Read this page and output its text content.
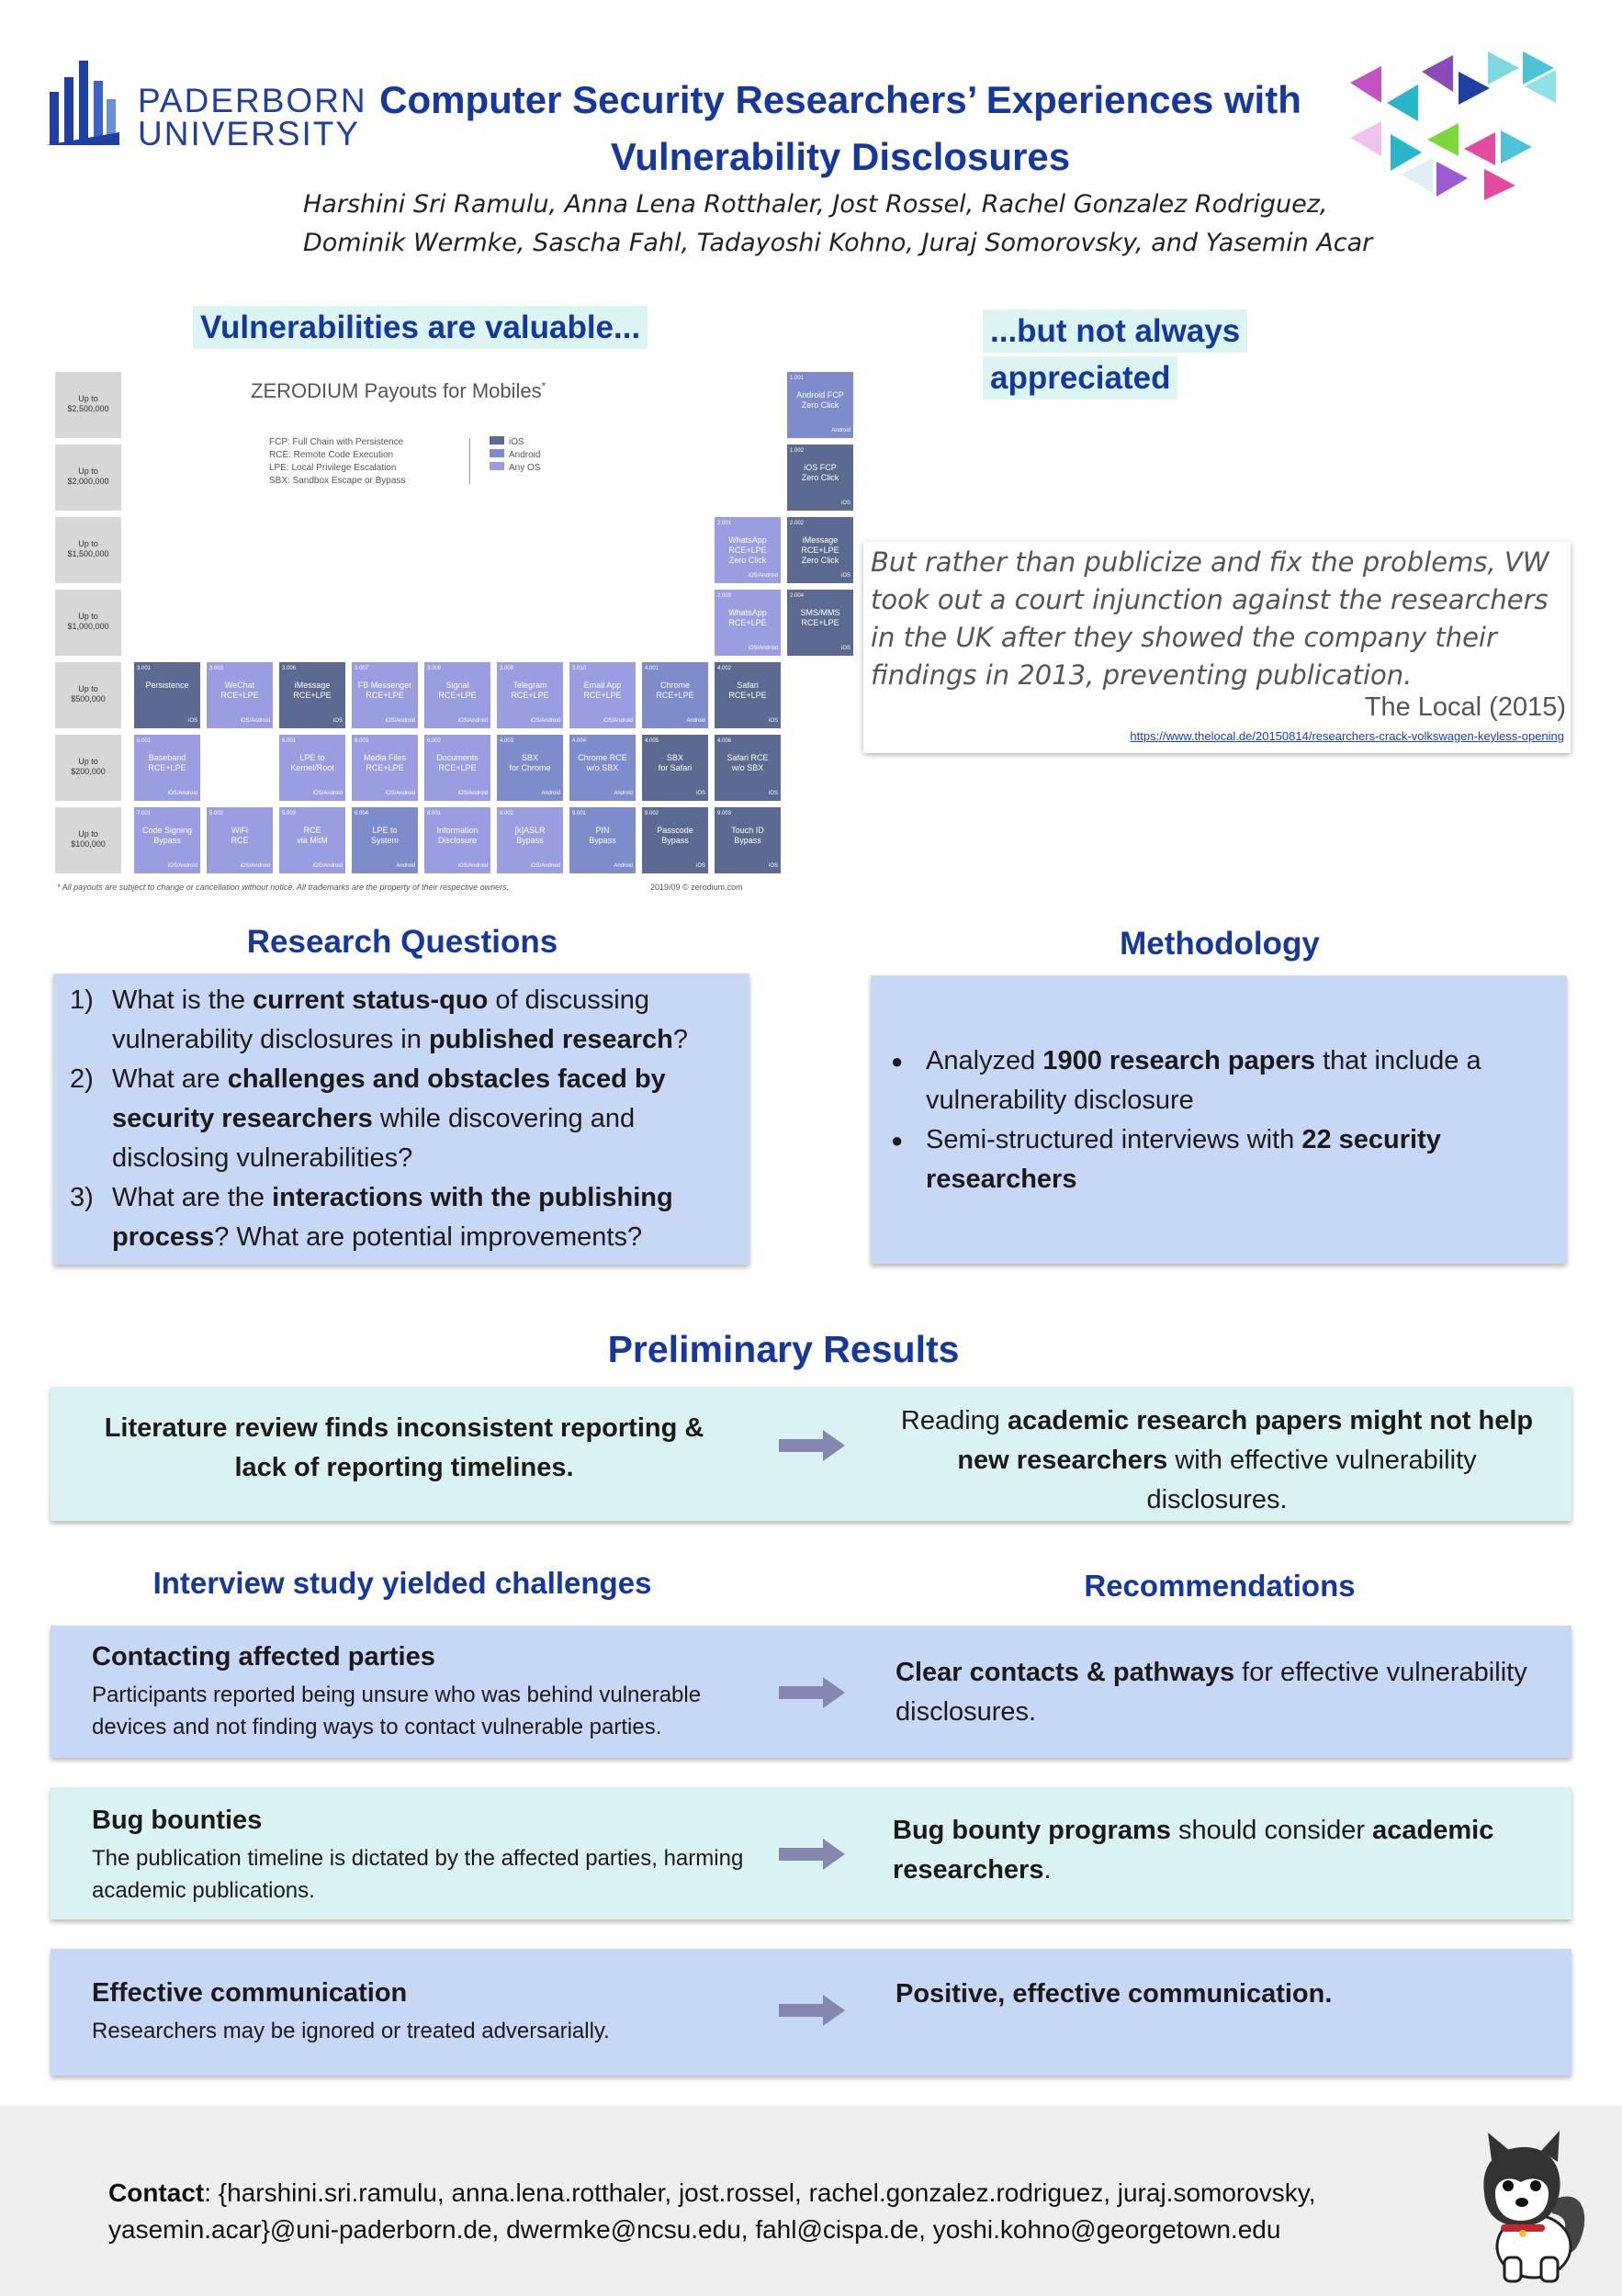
PADERBORN
UNIVERSITY
Computer Security Researchers’ Experiences with
Vulnerability Disclosures
Harshini Sri Ramulu, Anna Lena Rotthaler, Jost Rossel, Rachel Gonzalez Rodriguez,
Dominik Wermke, Sascha Fahl, Tadayoshi Kohno, Juraj Somorovsky, and Yasemin Acar
Vulnerabilities are valuable...
ZERODIUM Payouts for Mobiles*
FCP: Full Chain with Persistence
RCE: Remote Code Execution
LPE: Local Privilege Escalation
SBX: Sandbox Escape or Bypass
iOS
Android
Any OS
Up to
$2,500,000
Up to
$2,000,000
Up to
$1,500,000
Up to
$1,000,000
Up to
$500,000
Up to
$200,000
Up to
$100,000
1.001
Android FCP
Zero Click
Android
1.002
iOS FCP
Zero Click
iOS
2.001
WhatsApp
RCE+LPE
Zero Click
iOS/Android
2.002
iMessage
RCE+LPE
Zero Click
iOS
2.003
WhatsApp
RCE+LPE
iOS/Android
2.004
SMS/MMS
RCE+LPE
iOS
3.001
Persistence
iOS
3.003
WeChat
RCE+LPE
iOS/Android
3.006
iMessage
RCE+LPE
iOS
3.007
FB Messenger
RCE+LPE
iOS/Android
3.008
Signal
RCE+LPE
iOS/Android
3.009
Telegram
RCE+LPE
iOS/Android
3.010
Email App
RCE+LPE
iOS/Android
4.001
Chrome
RCE+LPE
Android
4.002
Safari
RCE+LPE
iOS
5.001
Baseband
RCE+LPE
iOS/Android
6.001
LPE to
Kernel/Root
iOS/Android
6.003
Media Files
RCE+LPE
iOS/Android
6.002
Documents
RCE+LPE
iOS/Android
4.003
SBX
for Chrome
Android
4.004
Chrome RCE
w/o SBX
Android
4.005
SBX
for Safari
iOS
4.006
Safari RCE
w/o SBX
iOS
7.001
Code Signing
Bypass
iOS/Android
5.002
WiFi
RCE
iOS/Android
5.003
RCE
via MitM
iOS/Android
6.004
LPE to
System
Android
8.001
Information
Disclosure
iOS/Android
8.002
[k]ASLR
Bypass
iOS/Android
9.001
PIN
Bypass
Android
9.002
Passcode
Bypass
iOS
9.003
Touch ID
Bypass
iOS
* All payouts are subject to change or cancellation without notice. All trademarks are the property of their respective owners.	2019/09 © zerodium.com
...but not always
appreciated
But rather than publicize and fix the problems, VW took out a court injunction against the researchers in the UK after they showed the company their findings in 2013, preventing publication.
The Local (2015)
https://www.thelocal.de/20150814/researchers-crack-volkswagen-keyless-opening
Research Questions
1) What is the current status-quo of discussing vulnerability disclosures in published research?
2) What are challenges and obstacles faced by security researchers while discovering and disclosing vulnerabilities?
3) What are the interactions with the publishing process? What are potential improvements?
Methodology
● Analyzed 1900 research papers that include a vulnerability disclosure
● Semi-structured interviews with 22 security researchers
Preliminary Results
Literature review finds inconsistent reporting & lack of reporting timelines.
Reading academic research papers might not help new researchers with effective vulnerability disclosures.
Interview study yielded challenges	Recommendations
Contacting affected parties
Participants reported being unsure who was behind vulnerable devices and not finding ways to contact vulnerable parties.
Clear contacts & pathways for effective vulnerability disclosures.
Bug bounties
The publication timeline is dictated by the affected parties, harming academic publications.
Bug bounty programs should consider academic researchers.
Effective communication
Researchers may be ignored or treated adversarially.
Positive, effective communication.
Contact: {harshini.sri.ramulu, anna.lena.rotthaler, jost.rossel, rachel.gonzalez.rodriguez, juraj.somorovsky, yasemin.acar}@uni-paderborn.de, dwermke@ncsu.edu, fahl@cispa.de, yoshi.kohno@georgetown.edu
